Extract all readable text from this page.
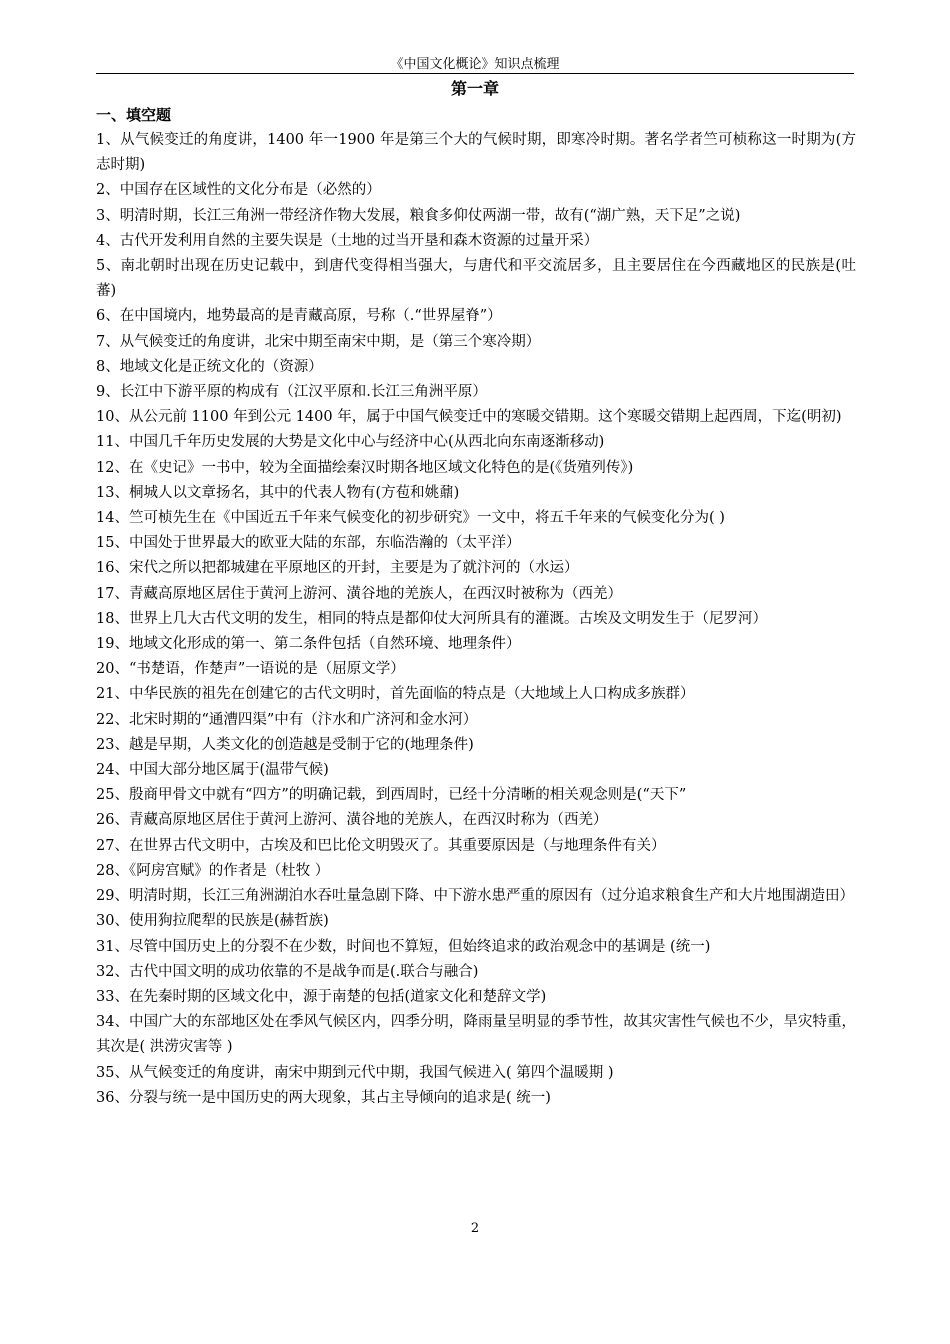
《中国文化概论》知识点梳理
第一章
一、填空题
1、从气候变迁的角度讲，1400 年一1900 年是第三个大的气候时期，即寒冷时期。著名学者竺可桢称这一时期为(方志时期)
2、中国存在区域性的文化分布是（必然的）
3、明清时期，长江三角洲一带经济作物大发展，粮食多仰仗两湖一带，故有(“湖广熟，天下足”之说)
4、古代开发利用自然的主要失误是（土地的过当开垦和森木资源的过量开采）
5、南北朝时出现在历史记载中，到唐代变得相当强大，与唐代和平交流居多，且主要居住在今西藏地区的民族是(吐蕃)
6、在中国境内，地势最高的是青藏高原，号称（.“世界屋脊”）
7、从气候变迁的角度讲，北宋中期至南宋中期，是（第三个寒冷期）
8、地域文化是正统文化的（资源）
9、长江中下游平原的构成有（江汉平原和.长江三角洲平原）
10、从公元前 1100 年到公元 1400 年，属于中国气候变迁中的寒暖交错期。这个寒暖交错期上起西周，下迄(明初)
11、中国几千年历史发展的大势是文化中心与经济中心(从西北向东南逐渐移动)
12、在《史记》一书中，较为全面描绘秦汉时期各地区域文化特色的是(《货殖列传》)
13、桐城人以文章扬名，其中的代表人物有(方苞和姚鼐)
14、竺可桢先生在《中国近五千年来气候变化的初步研究》一文中，将五千年来的气候变化分为( )
15、中国处于世界最大的欧亚大陆的东部，东临浩瀚的（太平洋）
16、宋代之所以把都城建在平原地区的开封，主要是为了就汴河的（水运）
17、青藏高原地区居住于黄河上游河、潢谷地的羌族人，在西汉时被称为（西羌）
18、世界上几大古代文明的发生，相同的特点是都仰仗大河所具有的灌溉。古埃及文明发生于（尼罗河）
19、地域文化形成的第一、第二条件包括（自然环境、地理条件）
20、“书楚语，作楚声”一语说的是（屈原文学）
21、中华民族的祖先在创建它的古代文明时，首先面临的特点是（大地域上人口构成多族群）
22、北宋时期的“通漕四渠”中有（汴水和广济河和金水河）
23、越是早期，人类文化的创造越是受制于它的(地理条件)
24、中国大部分地区属于(温带气候)
25、殷商甲骨文中就有“四方”的明确记载，到西周时，已经十分清晰的相关观念则是(“天下”
26、青藏高原地区居住于黄河上游河、潢谷地的羌族人，在西汉时称为（西羌）
27、在世界古代文明中，古埃及和巴比伦文明毁灭了。其重要原因是（与地理条件有关）
28、《阿房宫赋》的作者是（杜牧 ）
29、明清时期，长江三角洲湖泊水吞吐量急剧下降、中下游水患严重的原因有（过分追求粮食生产和大片地围湖造田）
30、使用狗拉爬犁的民族是(赫哲族)
31、尽管中国历史上的分裂不在少数，时间也不算短，但始终追求的政治观念中的基调是 (统一)
32、古代中国文明的成功依靠的不是战争而是(.联合与融合)
33、在先秦时期的区域文化中，源于南楚的包括(道家文化和楚辞文学)
34、中国广大的东部地区处在季风气候区内，四季分明，降雨量呈明显的季节性，故其灾害性气候也不少，旱灾特重，其次是( 洪涝灾害等 )
35、从气候变迁的角度讲，南宋中期到元代中期，我国气候进入( 第四个温暖期 )
36、分裂与统一是中国历史的两大现象，其占主导倾向的追求是( 统一)
2
